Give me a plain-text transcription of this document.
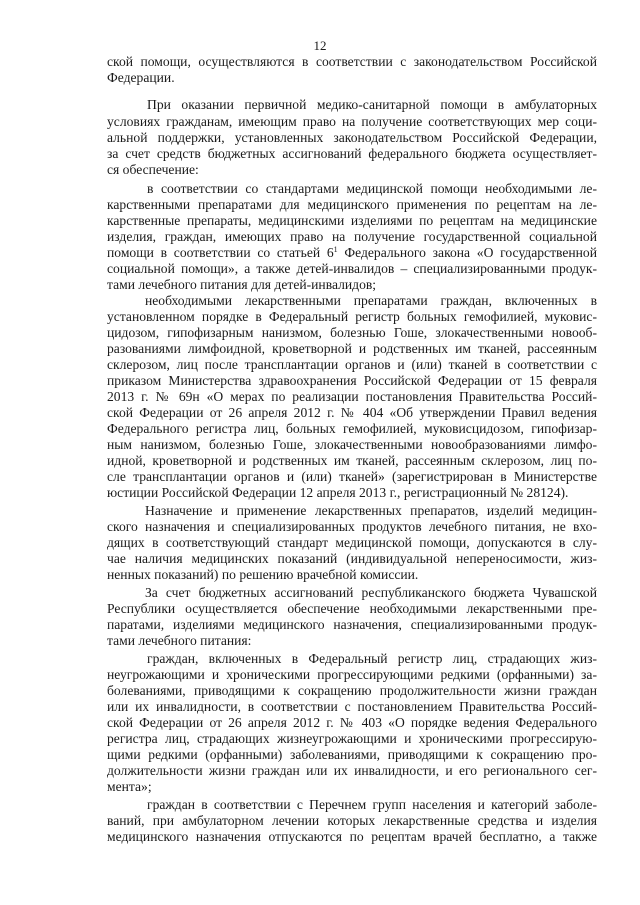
12
ской помощи, осуществляются в соответствии с законодательством Российской
Федерации.
При оказании первичной медико-санитарной помощи в амбулаторных
условиях гражданам, имеющим право на получение соответствующих мер соци-
альной поддержки, установленных законодательством Российской Федерации,
за счет средств бюджетных ассигнований федерального бюджета осуществляет-
ся обеспечение:
в соответствии со стандартами медицинской помощи необходимыми ле-
карственными препаратами для медицинского применения по рецептам на ле-
карственные препараты, медицинскими изделиями по рецептам на медицинские
изделия, граждан, имеющих право на получение государственной социальной
помощи в соответствии со статьей $6^1$ Федерального закона «О государственной
социальной помощи», а также детей-инвалидов – специализированными продук-
тами лечебного питания для детей-инвалидов;
необходимыми лекарственными препаратами граждан, включенных в
установленном порядке в Федеральный регистр больных гемофилией, муковис-
цидозом, гипофизарным нанизмом, болезнью Гоше, злокачественными новооб-
разованиями лимфоидной, кроветворной и родственных им тканей, рассеянным
склерозом, лиц после трансплантации органов и (или) тканей в соответствии с
приказом Министерства здравоохранения Российской Федерации от 15 февраля
2013 г. № 69н «О мерах по реализации постановления Правительства Россий-
ской Федерации от 26 апреля 2012 г. № 404 «Об утверждении Правил ведения
Федерального регистра лиц, больных гемофилией, муковисцидозом, гипофизар-
ным нанизмом, болезнью Гоше, злокачественными новообразованиями лимфо-
идной, кроветворной и родственных им тканей, рассеянным склерозом, лиц по-
сле трансплантации органов и (или) тканей» (зарегистрирован в Министерстве
юстиции Российской Федерации 12 апреля 2013 г., регистрационный № 28124).
Назначение и применение лекарственных препаратов, изделий медицин-
ского назначения и специализированных продуктов лечебного питания, не вхо-
дящих в соответствующий стандарт медицинской помощи, допускаются в слу-
чае наличия медицинских показаний (индивидуальной непереносимости, жиз-
ненных показаний) по решению врачебной комиссии.
За счет бюджетных ассигнований республиканского бюджета Чувашской
Республики осуществляется обеспечение необходимыми лекарственными пре-
паратами, изделиями медицинского назначения, специализированными продук-
тами лечебного питания:
граждан, включенных в Федеральный регистр лиц, страдающих жиз-
неугрожающими и хроническими прогрессирующими редкими (орфанными) за-
болеваниями, приводящими к сокращению продолжительности жизни граждан
или их инвалидности, в соответствии с постановлением Правительства Россий-
ской Федерации от 26 апреля 2012 г. № 403 «О порядке ведения Федерального
регистра лиц, страдающих жизнеугрожающими и хроническими прогрессирую-
щими редкими (орфанными) заболеваниями, приводящими к сокращению про-
должительности жизни граждан или их инвалидности, и его регионального сег-
мента»;
граждан в соответствии с Перечнем групп населения и категорий заболе-
ваний, при амбулаторном лечении которых лекарственные средства и изделия
медицинского назначения отпускаются по рецептам врачей бесплатно, а также
